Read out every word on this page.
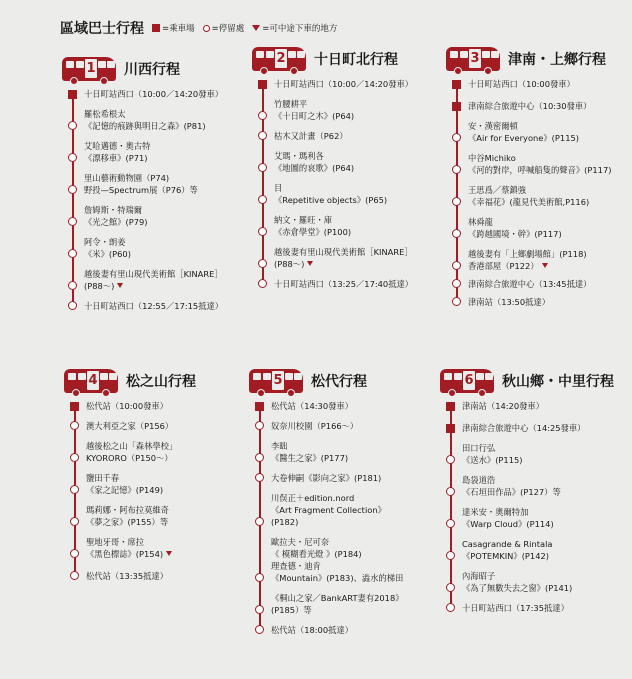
區域巴士行程 =乘車場 =停留處 =可中途下車的地方
1 川西行程
十日町站西口（10:00／14:20發車）
羅松希根太
《記憶的痕跡與明日之森》(P81)
艾哈邁德・奧古特
《漂移車》(P71)
里山藝術動物園（P74)
野投—Spectrum展（P76）等
詹姆斯・特瑞爾
《光之館》(P79)
阿令・朗姜
《米》(P60)
越後妻有里山現代美術館［KINARE］
(P88〜)
十日町站西口（12:55／17:15抵達）
2 十日町北行程
十日町站西口（10:00／14:20發車）
竹腰耕平
《十日町之木》(P64)
枯木又計畫（P62）
艾瑪・瑪利各
《地圖的哀歌》(P64)
目
《Repetitive objects》(P65)
納文・羅旺・庫
《赤倉學堂》(P100)
越後妻有里山現代美術館［KINARE］
(P88〜)
十日町站西口（13:25／17:40抵達）
3 津南・上鄉行程
十日町站西口（10:00發車）
津南綜合旅遊中心（10:30發車）
安・漢密爾頓
《Air for Everyone》(P115)
中谷Michiko
《河的對岸，呼喊船隻的聲音》(P117)
王思爲／蔡鎮強
《幸福花》(龍見代美術館,P116)
林舜龍
《跨越國境・幹》(P117)
越後妻有「上鄉劇場館」(P118)
香港部屋（P122）
津南綜合旅遊中心（13:45抵達）
津南站（13:50抵達）
4 松之山行程
松代站（10:00發車）
澳大利亞之家（P156）
越後松之山「森林學校」
KYORORO（P150〜）
鹽田千春
《家之記憶》(P149)
瑪莉娜・阿布拉莫維奇
《夢之家》(P155）等
聖地牙哥・席拉
《黑色標誌》(P154)
松代站（13:35抵達）
5 松代行程
松代站（14:30發車）
奴奈川校園（P166〜）
李昢
《醫生之家》(P177)
大卷伸嗣《影向之家》(P181)
川俣正＋edition.nord
《Art Fragment Collection》
(P182)
歐拉夫・尼可奈
《 模糊看光燈 》(P184)
理查德・迪肯
《Mountain》(P183)、澁水的梯田
《桐山之家／BankART妻有2018》
(P185）等
松代站（18:00抵達）
6 秋山鄉・中里行程
津南站（14:20發車）
津南綜合旅遊中心（14:25發車）
田口行弘
《送水》(P115)
島袋道浩
《石垣田作品》(P127）等
達米安・奧爾特加
《Warp Cloud》(P114)
Casagrande & Rintala
《POTEMKIN》(P142)
內海昭子
《為了無數失去之窗》(P141)
十日町站西口（17:35抵達）
